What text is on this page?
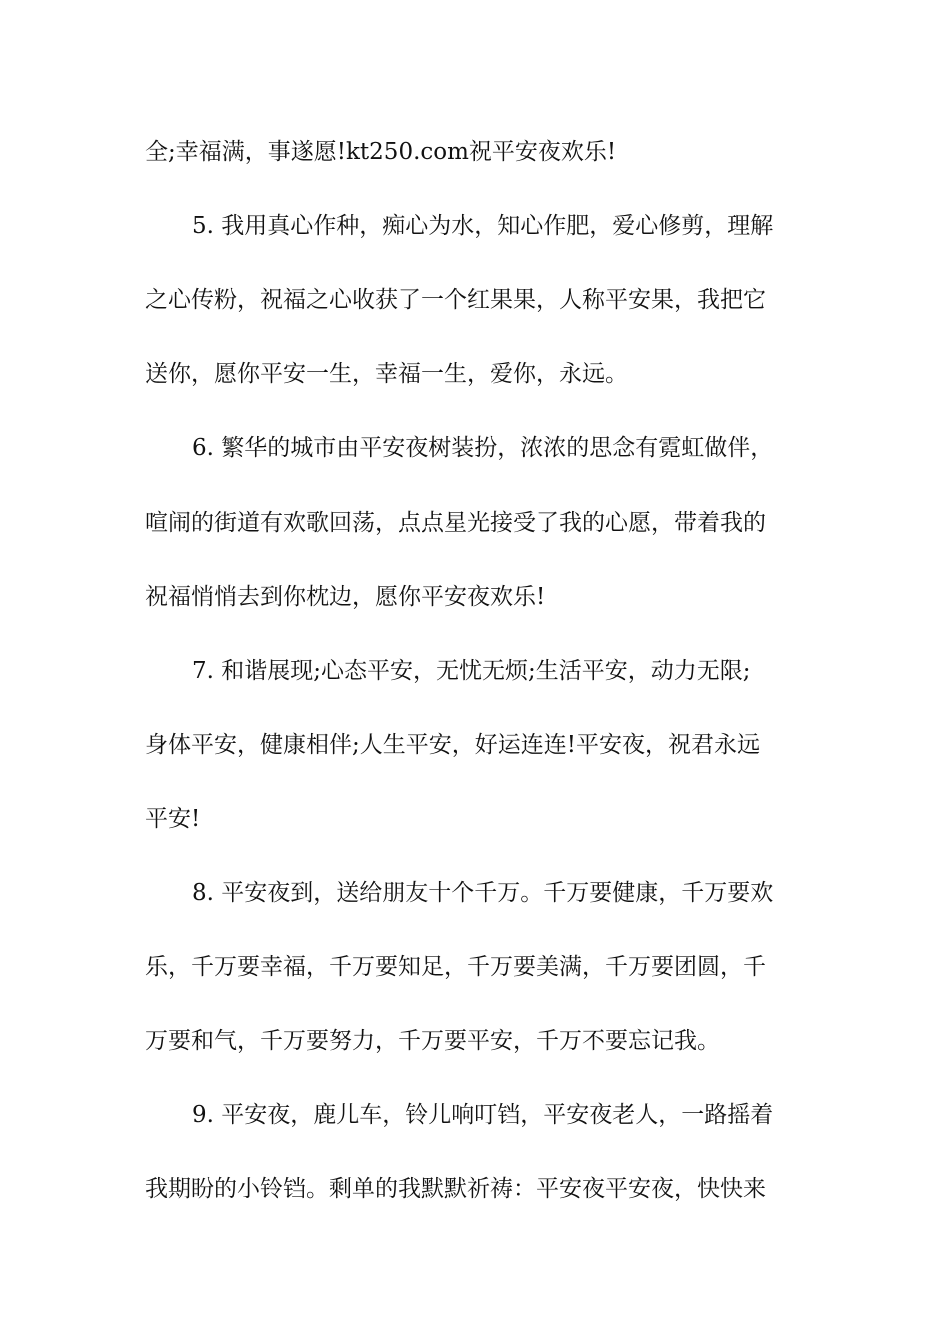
全;幸福满，事遂愿!kt250.com祝平安夜欢乐!
5. 我用真心作种，痴心为水，知心作肥，爱心修剪，理解
之心传粉，祝福之心收获了一个红果果，人称平安果，我把它
送你，愿你平安一生，幸福一生，爱你，永远。
6. 繁华的城市由平安夜树装扮，浓浓的思念有霓虹做伴，
喧闹的街道有欢歌回荡，点点星光接受了我的心愿，带着我的
祝福悄悄去到你枕边，愿你平安夜欢乐!
7. 和谐展现;心态平安，无忧无烦;生活平安，动力无限;
身体平安，健康相伴;人生平安，好运连连!平安夜，祝君永远
平安!
8. 平安夜到，送给朋友十个千万。千万要健康，千万要欢
乐，千万要幸福，千万要知足，千万要美满，千万要团圆，千
万要和气，千万要努力，千万要平安，千万不要忘记我。
9. 平安夜，鹿儿车，铃儿响叮铛，平安夜老人，一路摇着
我期盼的小铃铛。剩单的我默默祈祷：平安夜平安夜，快快来
